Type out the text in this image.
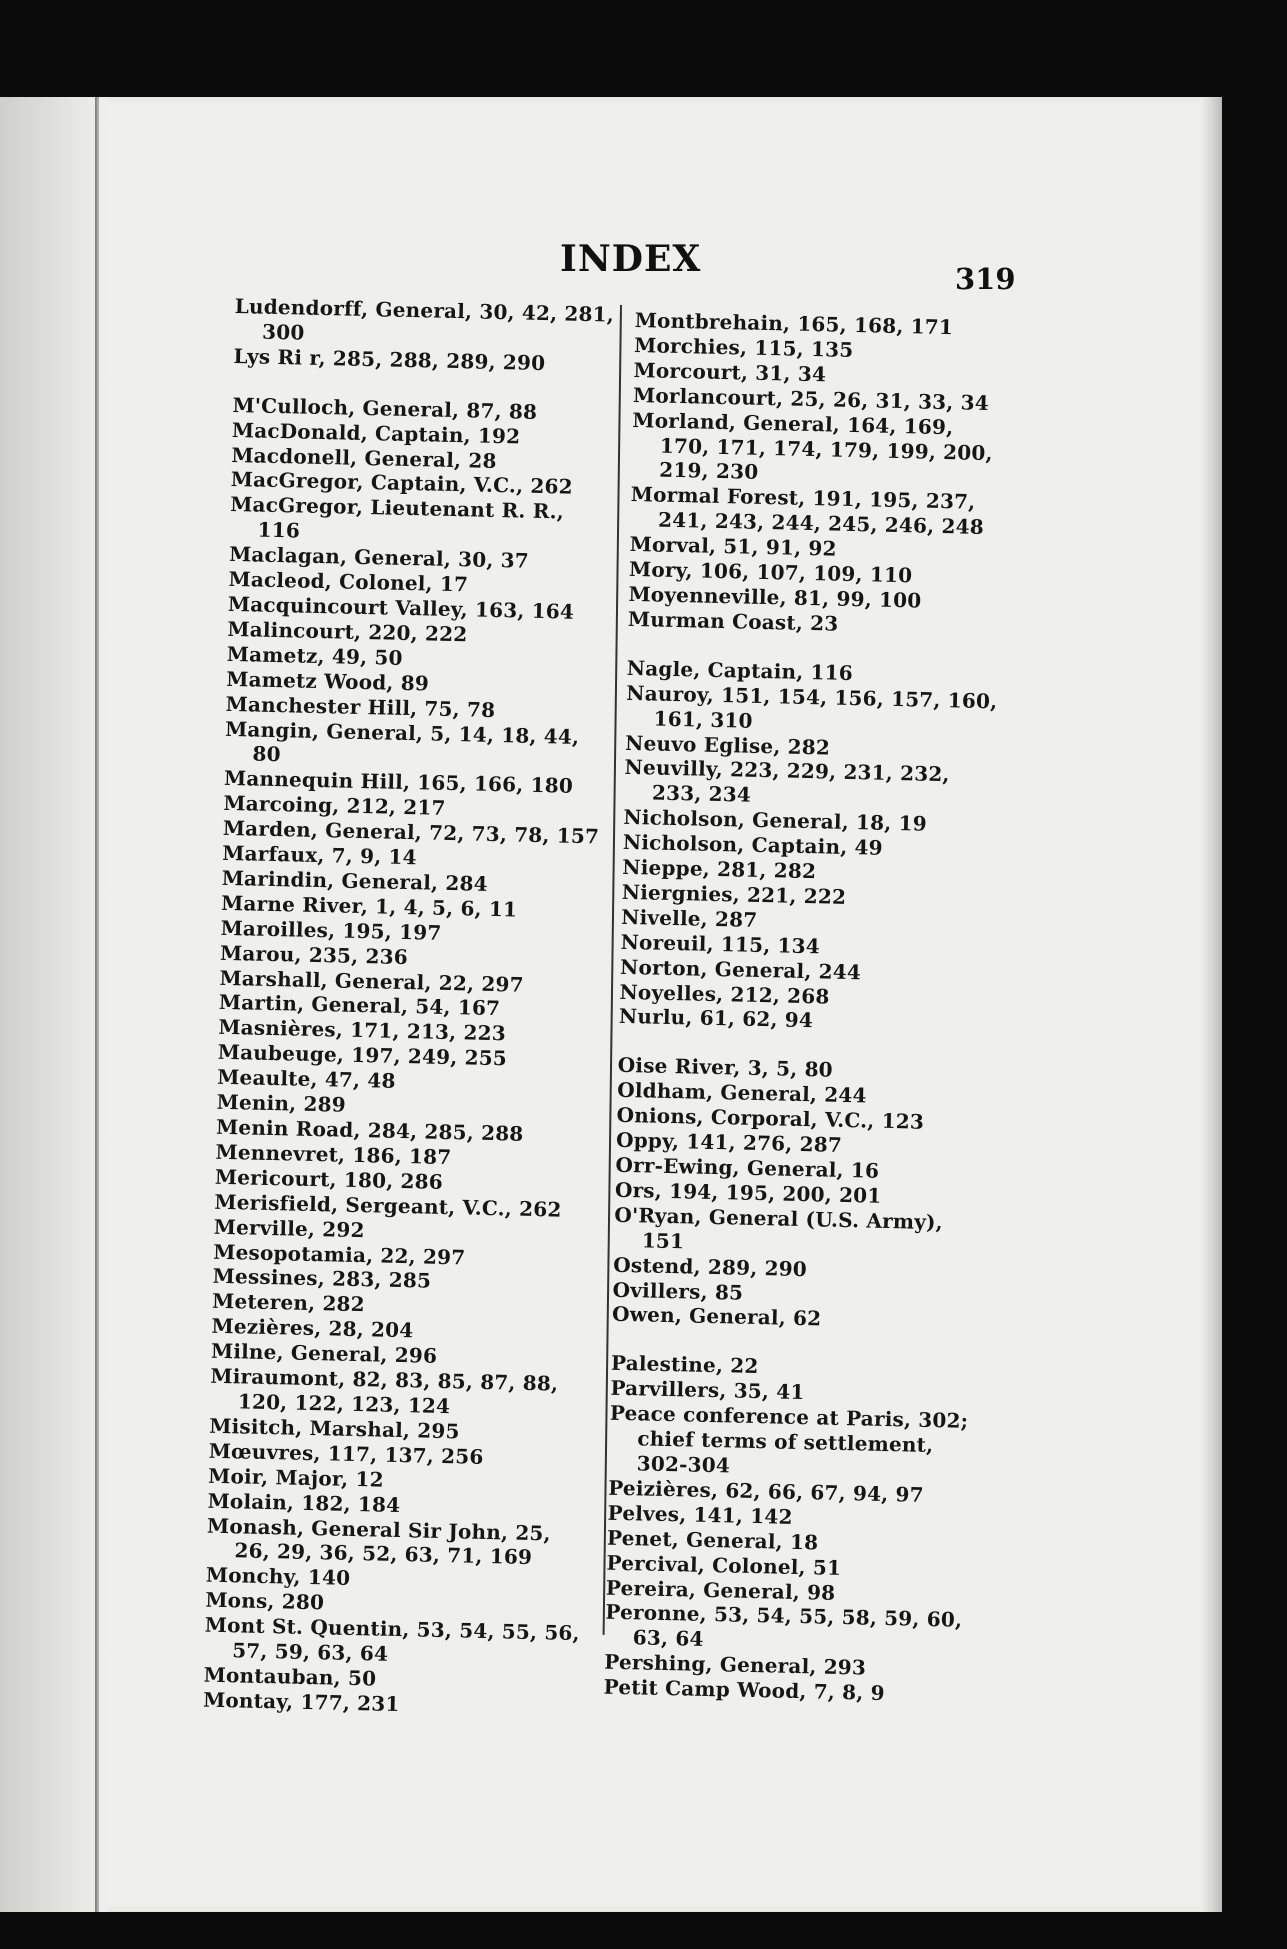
INDEX	319
Ludendorff, General, 30, 42, 281, 300
Lys Ri r, 285, 288, 289, 290
M'Culloch, General, 87, 88
MacDonald, Captain, 192
Macdonell, General, 28
MacGregor, Captain, V.C., 262
MacGregor, Lieutenant R. R., 116
Maclagan, General, 30, 37
Macleod, Colonel, 17
Macquincourt Valley, 163, 164
Malincourt, 220, 222
Mametz, 49, 50
Mametz Wood, 89
Manchester Hill, 75, 78
Mangin, General, 5, 14, 18, 44, 80
Mannequin Hill, 165, 166, 180
Marcoing, 212, 217
Marden, General, 72, 73, 78, 157
Marfaux, 7, 9, 14
Marindin, General, 284
Marne River, 1, 4, 5, 6, 11
Maroilles, 195, 197
Marou, 235, 236
Marshall, General, 22, 297
Martin, General, 54, 167
Masnières, 171, 213, 223
Maubeuge, 197, 249, 255
Meaulte, 47, 48
Menin, 289
Menin Road, 284, 285, 288
Mennevret, 186, 187
Mericourt, 180, 286
Merisfield, Sergeant, V.C., 262
Merville, 292
Mesopotamia, 22, 297
Messines, 283, 285
Meteren, 282
Mezières, 28, 204
Milne, General, 296
Miraumont, 82, 83, 85, 87, 88, 120, 122, 123, 124
Misitch, Marshal, 295
Mœuvres, 117, 137, 256
Moir, Major, 12
Molain, 182, 184
Monash, General Sir John, 25, 26, 29, 36, 52, 63, 71, 169
Monchy, 140
Mons, 280
Mont St. Quentin, 53, 54, 55, 56, 57, 59, 63, 64
Montauban, 50
Montay, 177, 231
Montbrehain, 165, 168, 171
Morchies, 115, 135
Morcourt, 31, 34
Morlancourt, 25, 26, 31, 33, 34
Morland, General, 164, 169, 170, 171, 174, 179, 199, 200, 219, 230
Mormal Forest, 191, 195, 237, 241, 243, 244, 245, 246, 248
Morval, 51, 91, 92
Mory, 106, 107, 109, 110
Moyenneville, 81, 99, 100
Murman Coast, 23
Nagle, Captain, 116
Nauroy, 151, 154, 156, 157, 160, 161, 310
Neuvo Eglise, 282
Neuvilly, 223, 229, 231, 232, 233, 234
Nicholson, General, 18, 19
Nicholson, Captain, 49
Nieppe, 281, 282
Niergnies, 221, 222
Nivelle, 287
Noreuil, 115, 134
Norton, General, 244
Noyelles, 212, 268
Nurlu, 61, 62, 94
Oise River, 3, 5, 80
Oldham, General, 244
Onions, Corporal, V.C., 123
Oppy, 141, 276, 287
Orr-Ewing, General, 16
Ors, 194, 195, 200, 201
O'Ryan, General (U.S. Army), 151
Ostend, 289, 290
Ovillers, 85
Owen, General, 62
Palestine, 22
Parvillers, 35, 41
Peace conference at Paris, 302; chief terms of settlement, 302-304
Peizières, 62, 66, 67, 94, 97
Pelves, 141, 142
Penet, General, 18
Percival, Colonel, 51
Pereira, General, 98
Peronne, 53, 54, 55, 58, 59, 60, 63, 64
Pershing, General, 293
Petit Camp Wood, 7, 8, 9
